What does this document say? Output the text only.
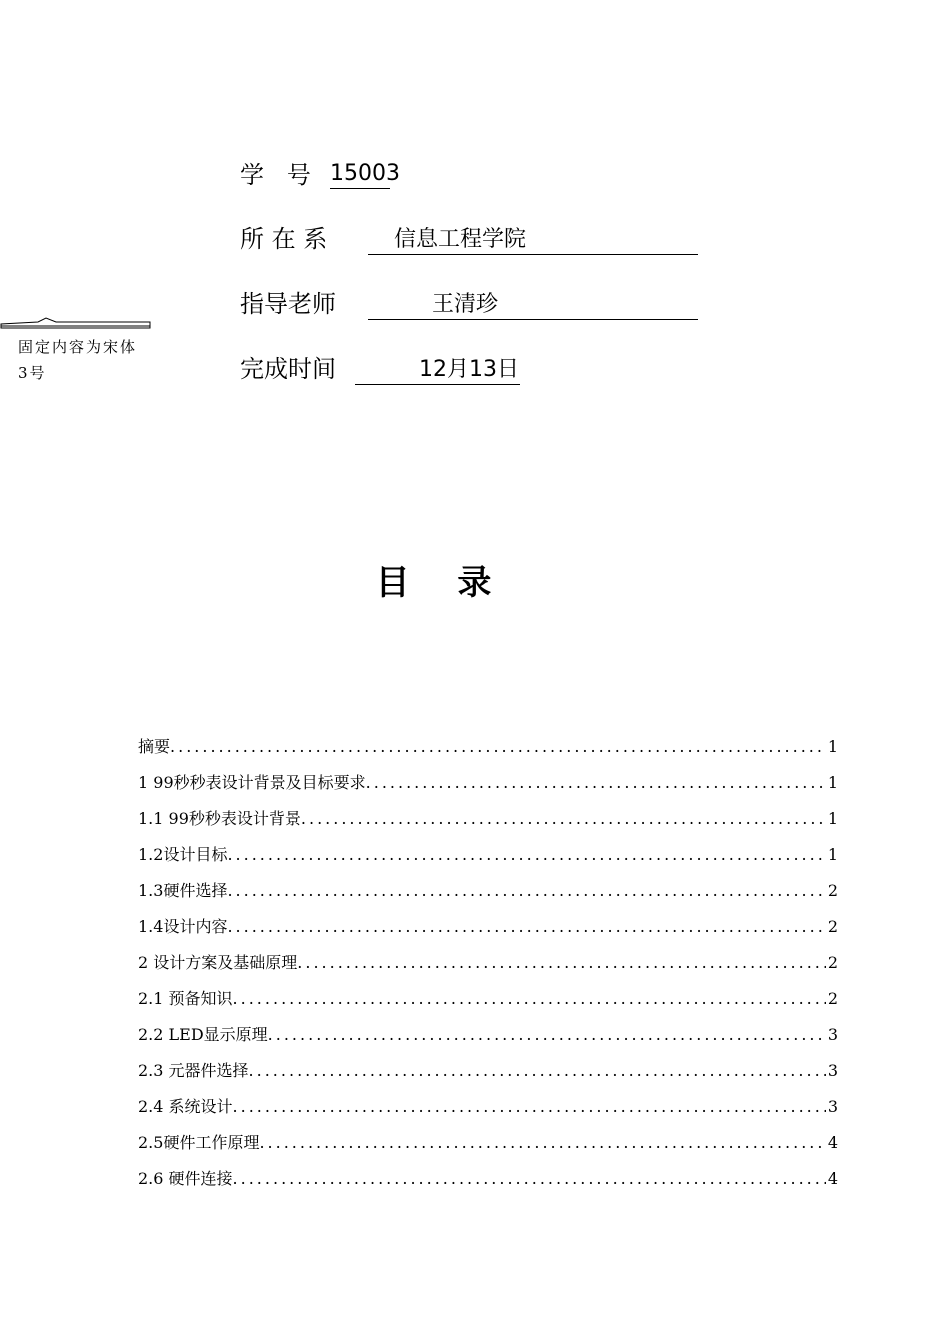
学   号 15003
所 在 系	信息工程学院
指导老师	王清珍
完成时间	12月13日
固定内容为宋体3号
目 录
摘要 .....	1
1 99秒秒表设计背景及目标要求 .....	1
1.1 99秒秒表设计背景 .....	1
1.2设计目标 .....	1
1.3硬件选择 .....	2
1.4设计内容 .....	2
2 设计方案及基础原理 .....	2
2.1 预备知识 .....	2
2.2 LED显示原理 .....	3
2.3 元器件选择 .....	3
2.4 系统设计 .....	3
2.5硬件工作原理 .....	4
2.6 硬件连接 .....	4
